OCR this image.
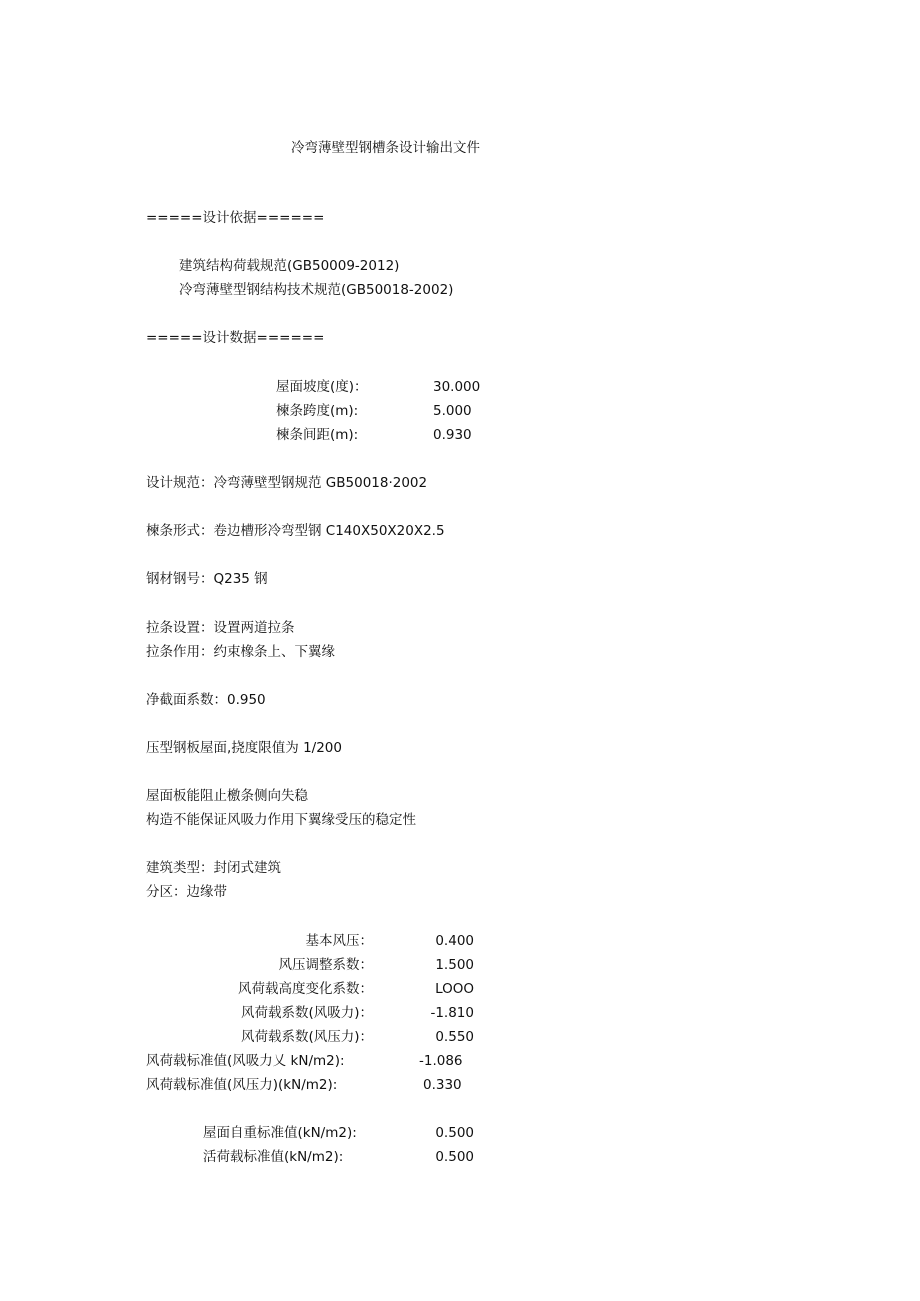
冷弯薄壁型钢槽条设计输出文件
=====设计依据======
建筑结构荷载规范(GB50009-2012)
冷弯薄壁型钢结构技术规范(GB50018-2002)
=====设计数据======
屋面坡度(度)：	30.000
楝条跨度(m):	5.000
楝条间距(m):	0.930
设计规范：冷弯薄壁型钢规范 GB50018·2002
楝条形式：卷边槽形冷弯型钢 C140X50X20X2.5
钢材钢号：Q235 钢
拉条设置：设置两道拉条
拉条作用：约束橡条上、下翼缘
净截面系数：0.950
压型钢板屋面,挠度限值为 1/200
屋面板能阻止檄条侧向失稳
构造不能保证风吸力作用下翼缘受压的稳定性
建筑类型：封闭式建筑
分区：边缘带
基本风压：	0.400
风压调整系数：	1.500
风荷载高度变化系数：	LOOO
风荷载系数(风吸力)：	-1.810
风荷载系数(风压力)：	0.550
风荷载标准值(风吸力乂 kN∕m2):	-1.086
风荷载标准值(风压力)(kN∕m2):	0.330
屋面自重标准值(kN∕m2):	0.500
活荷载标准值(kN∕m2):	0.500
